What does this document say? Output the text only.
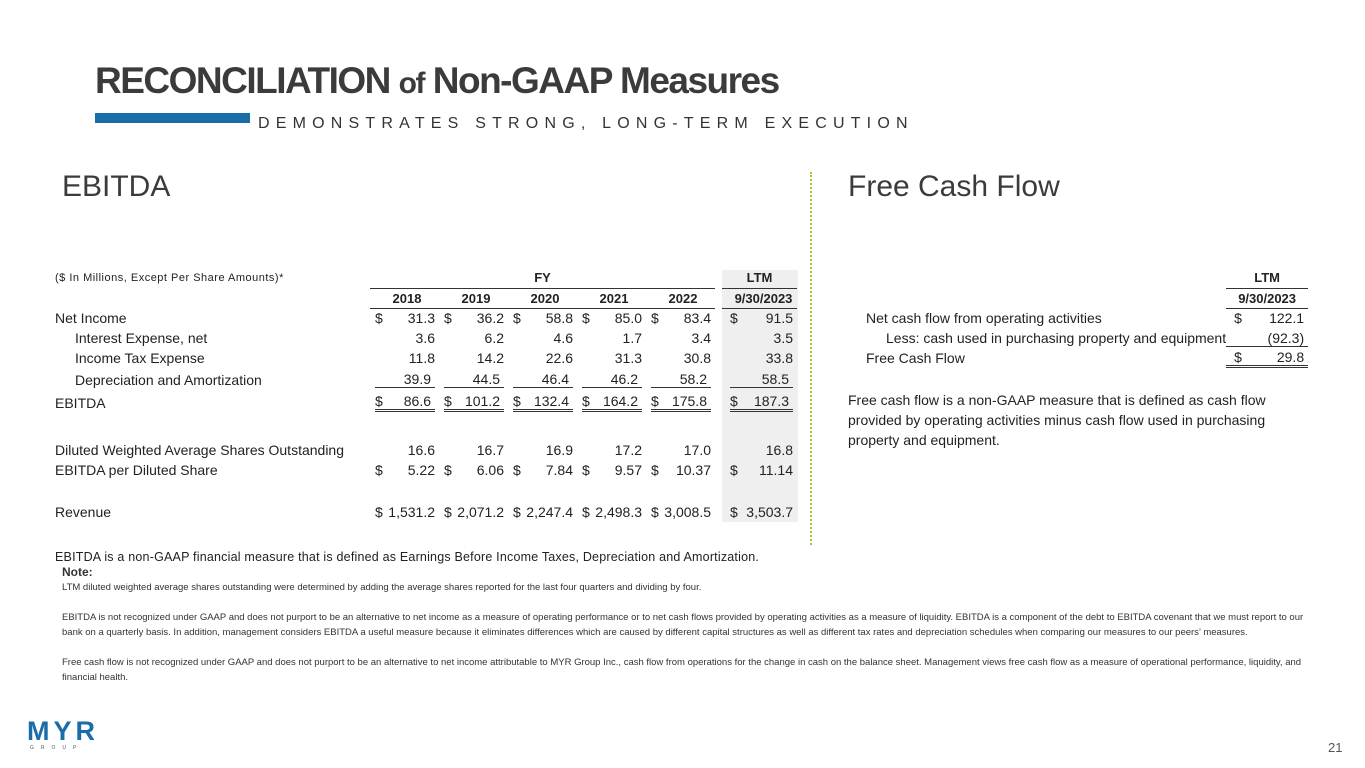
RECONCILIATION of Non-GAAP Measures
DEMONSTRATES STRONG, LONG-TERM EXECUTION
EBITDA	Free Cash Flow
($ In Millions, Except Per Share Amounts)*	FY						LTM
	2018	2019	2020	2021	2022		9/30/2023
Net Income	$ 31.3	$ 36.2	$ 58.8	$ 85.0	$ 83.4		$ 91.5

Interest Expense, net	3.6	6.2	4.6	1.7	3.4		3.5

Income Tax Expense	11.8	14.2	22.6	31.3	30.8		33.8

Depreciation and Amortization	39.9	44.5	46.4	46.2	58.2		58.5

EBITDA	$ 86.6	$ 101.2	$ 132.4	$ 164.2	$ 175.8		$ 187.3

Diluted Weighted Average Shares Outstanding	16.6	16.7	16.9	17.2	17.0		16.8

EBITDA per Diluted Share	$ 5.22	$ 6.06	$ 7.84	$ 9.57	$ 10.37		$ 11.14

Revenue	$ 1,531.2	$ 2,071.2	$ 2,247.4	$ 2,498.3	$ 3,008.5		$ 3,503.7
EBITDA is a non-GAAP financial measure that is defined as Earnings Before Income Taxes, Depreciation and Amortization.
	LTM
	9/30/2023
Net cash flow from operating activities	$ 122.1

Less: cash used in purchasing property and equipment	(92.3)

Free Cash Flow	$ 29.8
Free cash flow is a non-GAAP measure that is defined as cash flow provided by operating activities minus cash flow used in purchasing property and equipment.

Note:

LTM diluted weighted average shares outstanding were determined by adding the average shares reported for the last four quarters and dividing by four.

EBITDA is not recognized under GAAP and does not purport to be an alternative to net income as a measure of operating performance or to net cash flows provided by operating activities as a measure of liquidity. EBITDA is a component of the debt to EBITDA covenant that we must report to our bank on a quarterly basis. In addition, management considers EBITDA a useful measure because it eliminates differences which are caused by different capital structures as well as different tax rates and depreciation schedules when comparing our measures to our peers’ measures.

Free cash flow is not recognized under GAAP and does not purport to be an alternative to net income attributable to MYR Group Inc., cash flow from operations for the change in cash on the balance sheet. Management views free cash flow as a measure of operational performance, liquidity, and financial health.

MYR
GROUP	21
